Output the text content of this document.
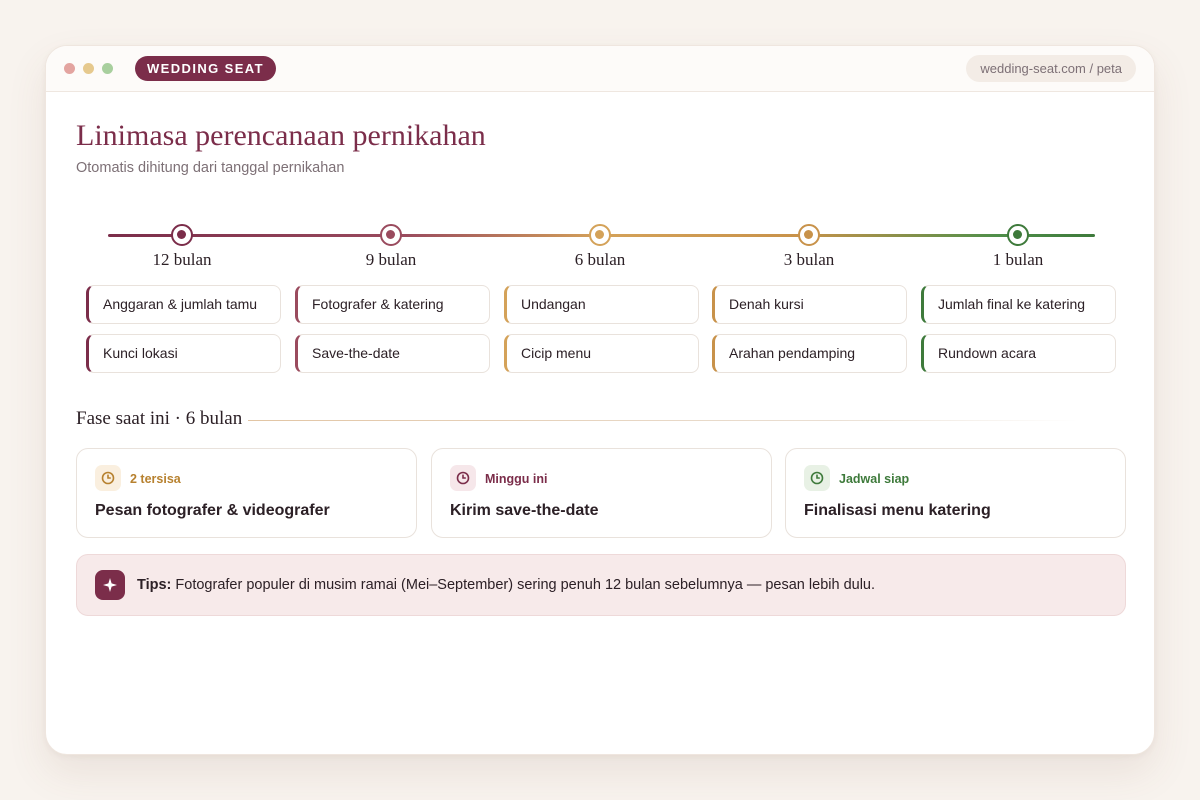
WEDDING SEAT	wedding-seat.com / peta
Linimasa perencanaan pernikahan
Otomatis dihitung dari tanggal pernikahan
12 bulan	9 bulan	6 bulan	3 bulan	1 bulan
Anggaran & jumlah tamu
Kunci lokasi
Fotografer & katering
Save-the-date
Undangan
Cicip menu
Denah kursi
Arahan pendamping
Jumlah final ke katering
Rundown acara
Fase saat ini · 6 bulan
2 tersisa
Pesan fotografer & videografer
Minggu ini
Kirim save-the-date
Jadwal siap
Finalisasi menu katering
Tips: Fotografer populer di musim ramai (Mei–September) sering penuh 12 bulan sebelumnya — pesan lebih dulu.
